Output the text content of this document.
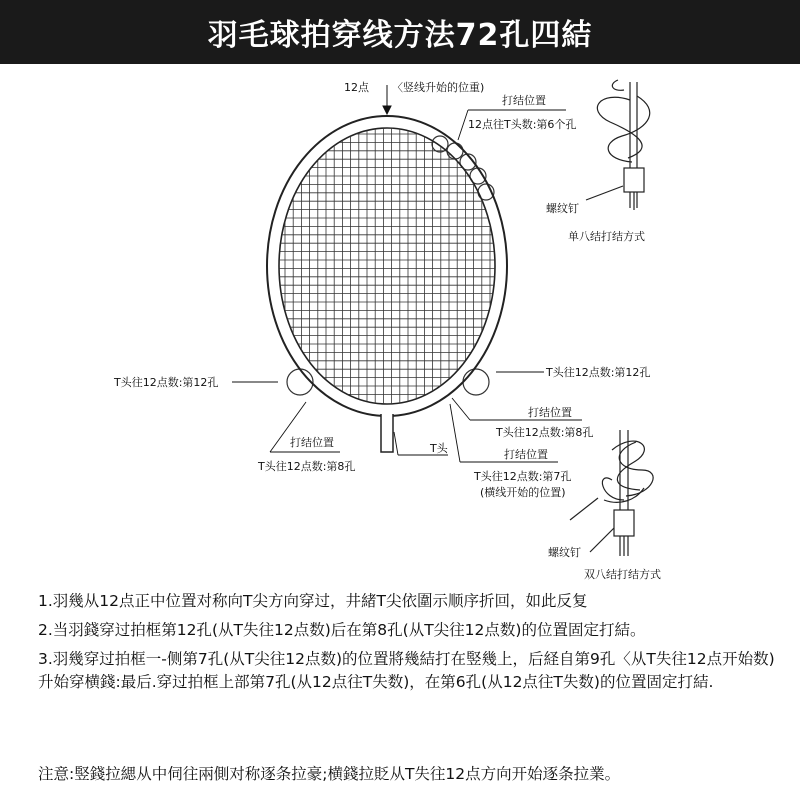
羽毛球拍穿线方法72孔四結
12点 〈竖线升始的位重)
打结位置
12点往T头数:第6个孔
螺纹钉
单八结打结方式
T头往12点数:第12孔
T头往12点数:第12孔
打结位置
T头往12点数:第8孔
打结位置
T头往12点数:第8孔
T头	打结位置
T头往12点数:第7孔
(横线开始的位置)
螺纹钉
双八结打结方式

1.羽幾从12点正中位置对称向T尖方向穿过，井緒T尖依圍示顺序折回，如此反复

2.当羽錢穿过拍框第12孔(从T失往12点数)后在第8孔(从T尖往12点数)的位置固定打結。

3.羽幾穿过拍框一-侧第7孔(从T尖往12点数)的位置將幾結打在竪幾上，后経自第9孔〈从T失往12点开始数)升始穿横錢:最后.穿过拍框上部第7孔(从12点往T失数)，在第6孔(从12点往T失数)的位置固定打結.

注意:竪錢拉緦从中伺往兩側对称逐条拉豪;横錢拉貶从T失往12点方向开始逐条拉業。
